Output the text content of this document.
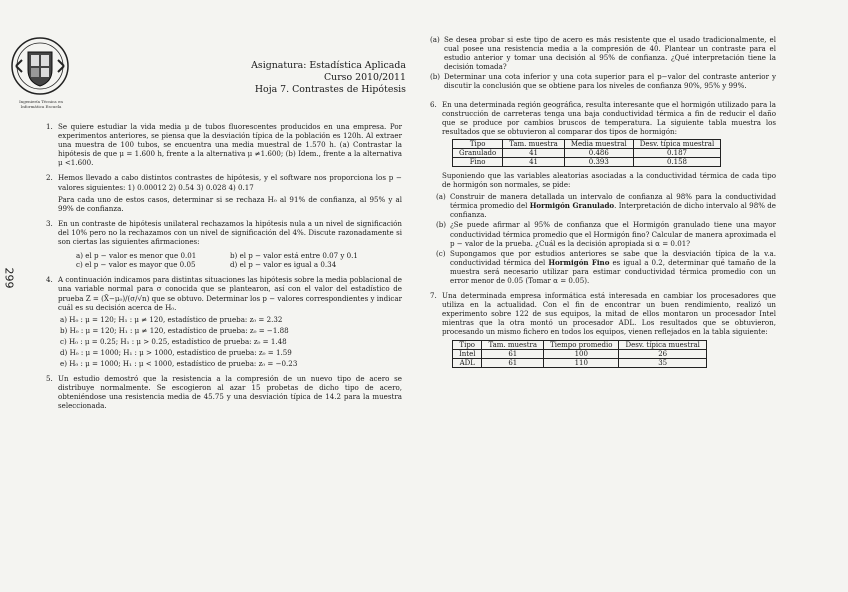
Ingeniería Técnica en Informática Escuela
Asignatura: Estadística Aplicada
Curso 2010/2011
Hoja 7. Contrastes de Hipótesis
299
1. Se quiere estudiar la vida media μ de tubos fluorescentes producidos en una empresa. Por experimentos anteriores, se piensa que la desviación típica de la población es 120h. Al extraer una muestra de 100 tubos, se encuentra una media muestral de 1.570 h. (a) Contrastar la hipótesis de que μ = 1.600 h, frente a la alternativa μ ≠1.600; (b) Idem., frente a la alternativa μ <1.600.
2. Hemos llevado a cabo distintos contrastes de hipótesis, y el software nos proporciona los p − valores siguientes: 1) 0.00012 2) 0.54 3) 0.028 4) 0.17
Para cada uno de estos casos, determinar si se rechaza H₀ al 91% de confianza, al 95% y al 99% de confianza.
3. En un contraste de hipótesis unilateral rechazamos la hipótesis nula a un nivel de significación del 10% pero no la rechazamos con un nivel de significación del 4%. Discute razonadamente si son ciertas las siguientes afirmaciones:
a) el p − valor es menor que 0.01	b) el p − valor está entre 0.07 y 0.1
c) el p − valor es mayor que 0.05	d) el p − valor es igual a 0.34
4. A continuación indicamos para distintas situaciones las hipótesis sobre la media poblacional de una variable normal para σ conocida que se plantearon, así con el valor del estadístico de prueba Z = (X̄−μ₀)/(σ/√n) que se obtuvo. Determinar los p − valores correspondientes y indicar cuál es su decisión acerca de H₀.
a) H₀ : μ = 120; H₁ : μ ≠ 120, estadístico de prueba: z₀ = 2.32
b) H₀ : μ = 120; H₁ : μ ≠ 120, estadístico de prueba: z₀ = −1.88
c) H₀ : μ = 0.25; H₁ : μ > 0.25, estadístico de prueba: z₀ = 1.48
d) H₀ : μ = 1000; H₁ : μ > 1000, estadístico de prueba: z₀ = 1.59
e) H₀ : μ = 1000; H₁ : μ < 1000, estadístico de prueba: z₀ = −0.23
5. Un estudio demostró que la resistencia a la compresión de un nuevo tipo de acero se distribuye normalmente. Se escogieron al azar 15 probetas de dicho tipo de acero, obteniéndose una resistencia media de 45.75 y una desviación típica de 14.2 para la muestra seleccionada.
(a) Se desea probar si este tipo de acero es más resistente que el usado tradicionalmente, el cual posee una resistencia media a la compresión de 40. Plantear un contraste para el estudio anterior y tomar una decisión al 95% de confianza. ¿Qué interpretación tiene la decisión tomada?
(b) Determinar una cota inferior y una cota superior para el p−valor del contraste anterior y discutir la conclusión que se obtiene para los niveles de confianza 90%, 95% y 99%.
6. En una determinada región geográfica, resulta interesante que el hormigón utilizado para la construcción de carreteras tenga una baja conductividad térmica a fin de reducir el daño que se produce por cambios bruscos de temperatura. La siguiente tabla muestra los resultados que se obtuvieron al comparar dos tipos de hormigón:
Tipo	Tam. muestra	Media muestral	Desv. típica muestral
Granulado	41	0.486	0.187
Fino	41	0.393	0.158
Suponiendo que las variables aleatorias asociadas a la conductividad térmica de cada tipo de hormigón son normales, se pide:
(a) Construir de manera detallada un intervalo de confianza al 98% para la conductividad térmica promedio del Hormigón Granulado. Interpretación de dicho intervalo al 98% de confianza.
(b) ¿Se puede afirmar al 95% de confianza que el Hormigón granulado tiene una mayor conductividad térmica promedio que el Hormigón fino? Calcular de manera aproximada el p − valor de la prueba. ¿Cuál es la decisión apropiada si α = 0.01?
(c) Supongamos que por estudios anteriores se sabe que la desviación típica de la v.a. conductividad térmica del Hormigón Fino es igual a 0.2, determinar qué tamaño de la muestra será necesario utilizar para estimar conductividad térmica promedio con un error menor de 0.05 (Tomar α = 0.05).
7. Una determinada empresa informática está interesada en cambiar los procesadores que utiliza en la actualidad. Con el fin de encontrar un buen rendimiento, realizó un experimento sobre 122 de sus equipos, la mitad de ellos montaron un procesador Intel mientras que la otra montó un procesador ADL. Los resultados que se obtuvieron, procesando un mismo fichero en todos los equipos, vienen reflejados en la tabla siguiente:
Tipo	Tam. muestra	Tiempo promedio	Desv. típica muestral
Intel	61	100	26
ADL	61	110	35
